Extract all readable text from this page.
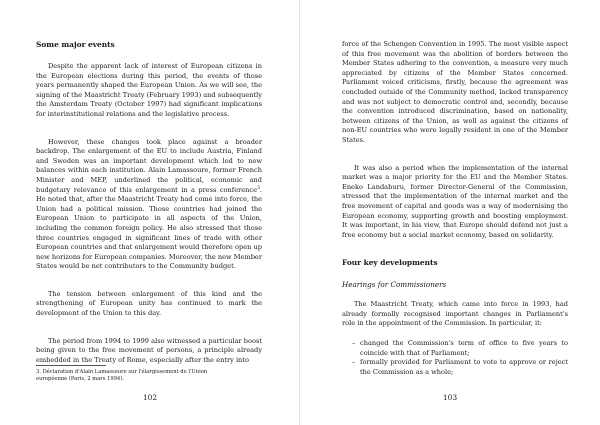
Some major events

Despite the apparent lack of interest of European citizens in the European elections during this period, the events of those years permanently shaped the European Union. As we will see, the signing of the Maastricht Treaty (February 1993) and subsequently the Amsterdam Treaty (October 1997) had significant implications for interinstitutional relations and the legislative process.

However, these changes took place against a broader backdrop. The enlargement of the EU to include Austria, Finland and Sweden was an important development which led to new balances within each institution. Alain Lamassoure, former French Minister and MEP, underlined the political, economic and budgetary relevance of this enlargement in a press conference$^3$. He noted that, after the Maastricht Treaty had come into force, the Union had a political mission. Those countries had joined the European Union to participate in all aspects of the Union, including the common foreign policy. He also stressed that those three countries engaged in significant lines of trade with other European countries and that enlargement would therefore open up new horizons for European companies. Moreover, the new Member States would be net contributors to the Community budget.

The tension between enlargement of this kind and the strengthening of European unity has continued to mark the development of the Union to this day.

The period from 1994 to 1999 also witnessed a particular boost being given to the free movement of persons, a principle already embedded in the Treaty of Rome, especially after the entry into

3. Déclaration d'Alain Lamassoure sur l'élargissement de l'Union européenne (Paris, 2 mars 1994).

102

force of the Schengen Convention in 1995. The most visible aspect of this free movement was the abolition of borders between the Member States adhering to the convention, a measure very much appreciated by citizens of the Member States concerned. Parliament voiced criticisms, firstly, because the agreement was concluded outside of the Community method, lacked transparency and was not subject to democratic control and, secondly, because the convention introduced discrimination, based on nationality, between citizens of the Union, as well as against the citizens of non-EU countries who were legally resident in one of the Member States.

It was also a period when the implementation of the internal market was a major priority for the EU and the Member States. Eneko Landaburu, former Director-General of the Commission, stressed that the implementation of the internal market and the free movement of capital and goods was a way of modernising the European economy, supporting growth and boosting employment. It was important, in his view, that Europe should defend not just a free economy but a social market economy, based on solidarity.

Four key developments
Hearings for Commissioners

The Maastricht Treaty, which came into force in 1993, had already formally recognised important changes in Parliament's role in the appointment of the Commission. In particular, it:

– changed the Commission's term of office to five years to coincide with that of Parliament;
– formally provided for Parliament to vote to approve or reject the Commission as a whole;

103
